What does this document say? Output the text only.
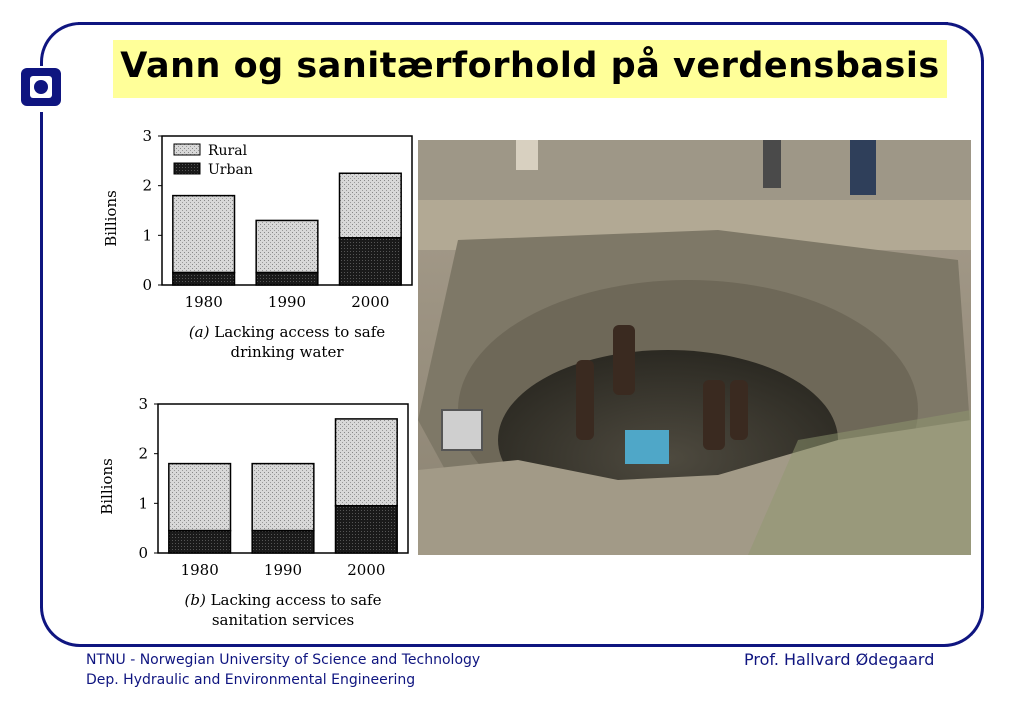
Vann og sanitærforhold på verdensbasis
0
1
2
3
Billions
1980	1990	2000
Rural
Urban
(a) Lacking access to safe
drinking water
0
1
2
3
Billions
1980	1990	2000
(b) Lacking access to safe
sanitation services
NTNU - Norwegian University of Science and Technology
Dep. Hydraulic and Environmental Engineering
Prof. Hallvard Ødegaard
